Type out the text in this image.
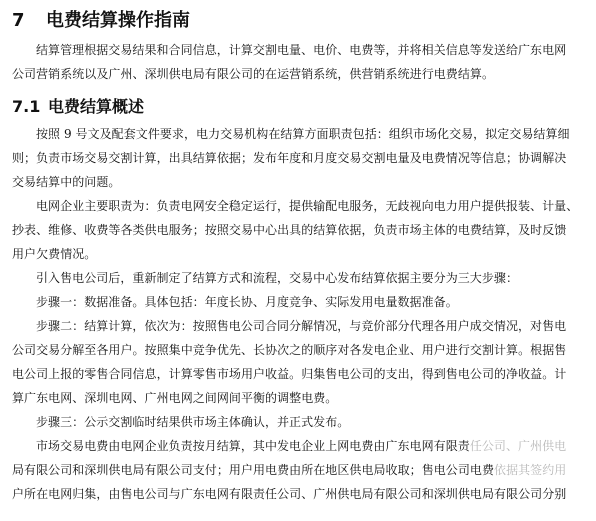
7 电费结算操作指南
结算管理根据交易结果和合同信息，计算交割电量、电价、电费等，并将相关信息等发送给广东电网
公司营销系统以及广州、深圳供电局有限公司的在运营销系统，供营销系统进行电费结算。
7.1 电费结算概述
按照 9 号文及配套文件要求，电力交易机构在结算方面职责包括：组织市场化交易，拟定交易结算细
则；负责市场交易交割计算，出具结算依据；发布年度和月度交易交割电量及电费情况等信息；协调解决
交易结算中的问题。
电网企业主要职责为：负责电网安全稳定运行，提供输配电服务，无歧视向电力用户提供报装、计量、
抄表、维修、收费等各类供电服务；按照交易中心出具的结算依据，负责市场主体的电费结算，及时反馈
用户欠费情况。
引入售电公司后，重新制定了结算方式和流程，交易中心发布结算依据主要分为三大步骤：
步骤一：数据准备。具体包括：年度长协、月度竞争、实际发用电量数据准备。
步骤二：结算计算，依次为：按照售电公司合同分解情况，与竞价部分代理各用户成交情况，对售电
公司交易分解至各用户。按照集中竞争优先、长协次之的顺序对各发电企业、用户进行交割计算。根据售
电公司上报的零售合同信息，计算零售市场用户收益。归集售电公司的支出，得到售电公司的净收益。计
算广东电网、深圳电网、广州电网之间网间平衡的调整电费。
步骤三：公示交割临时结果供市场主体确认，并正式发布。
市场交易电费由电网企业负责按月结算，其中发电企业上网电费由广东电网有限责任公司、广州供电
局有限公司和深圳供电局有限公司支付；用户用电费由所在地区供电局收取；售电公司电费依据其签约用
户所在电网归集，由售电公司与广东电网有限责任公司、广州供电局有限公司和深圳供电局有限公司分别
